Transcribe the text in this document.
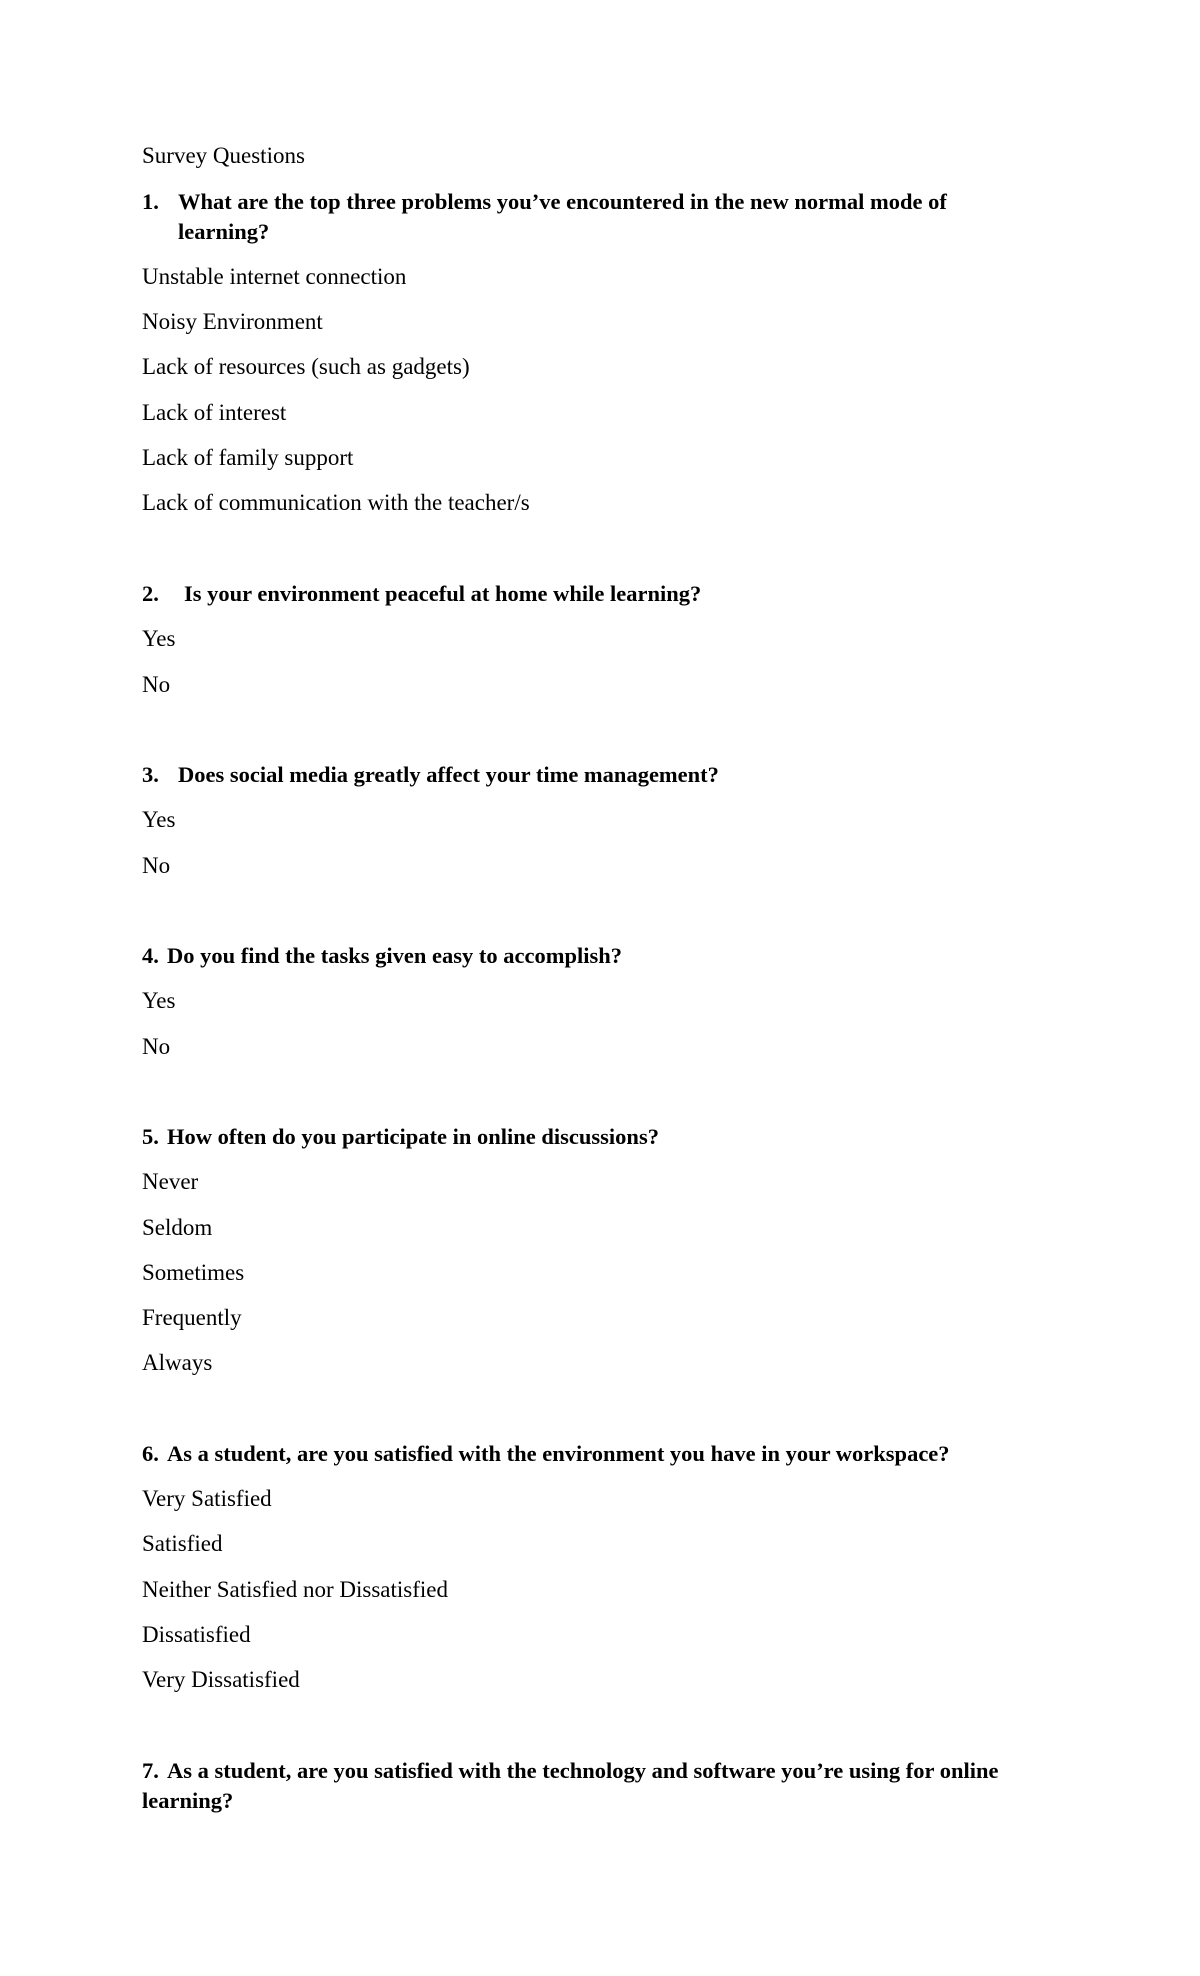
Survey Questions
1. What are the top three problems you’ve encountered in the new normal mode of learning?
Unstable internet connection
Noisy Environment
Lack of resources (such as gadgets)
Lack of interest
Lack of family support
Lack of communication with the teacher/s
2.	Is your environment peaceful at home while learning?
Yes
No
3. Does social media greatly affect your time management?
Yes
No
4. Do you find the tasks given easy to accomplish?
Yes
No
5. How often do you participate in online discussions?
Never
Seldom
Sometimes
Frequently
Always
6. As a student, are you satisfied with the environment you have in your workspace?
Very Satisfied
Satisfied
Neither Satisfied nor Dissatisfied
Dissatisfied
Very Dissatisfied
7. As a student, are you satisfied with the technology and software you’re using for online learning?
